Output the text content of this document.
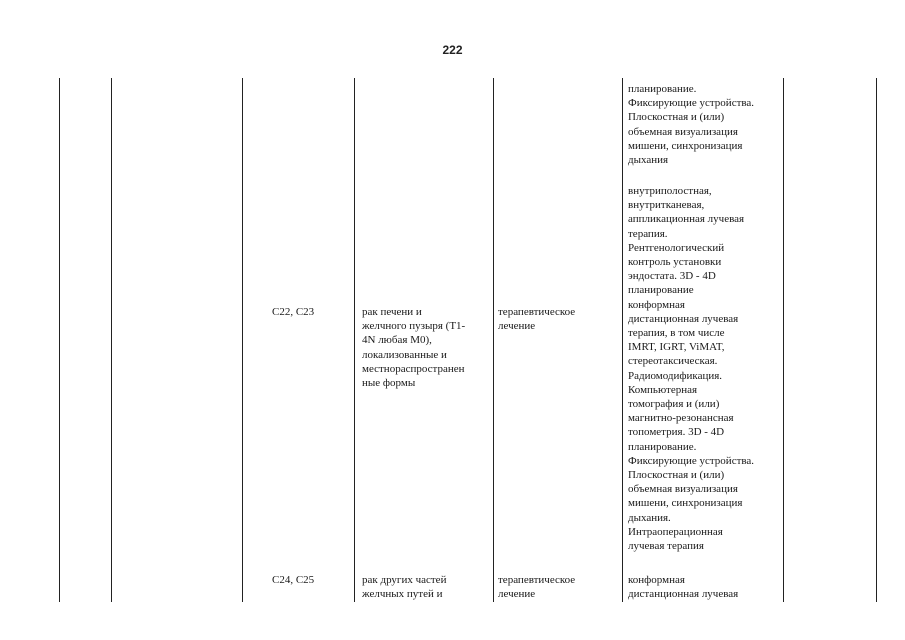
222
планирование.
Фиксирующие устройства.
Плоскостная и (или)
объемная визуализация
мишени, синхронизация
дыхания
C22, C23	рак печени и
желчного пузыря (T1-
4N любая M0),
локализованные и
местнораспространен
ные формы
терапевтическое
лечение
внутриполостная,
внутритканевая,
аппликационная лучевая
терапия.
Рентгенологический
контроль установки
эндостата. 3D - 4D
планирование
конформная
дистанционная лучевая
терапия, в том числе
IMRT, IGRT, ViMAT,
стереотаксическая.
Радиомодификация.
Компьютерная
томография и (или)
магнитно-резонансная
топометрия. 3D - 4D
планирование.
Фиксирующие устройства.
Плоскостная и (или)
объемная визуализация
мишени, синхронизация
дыхания.
Интраоперационная
лучевая терапия
C24, C25	рак других частей
желчных путей и
терапевтическое
лечение
конформная
дистанционная лучевая
